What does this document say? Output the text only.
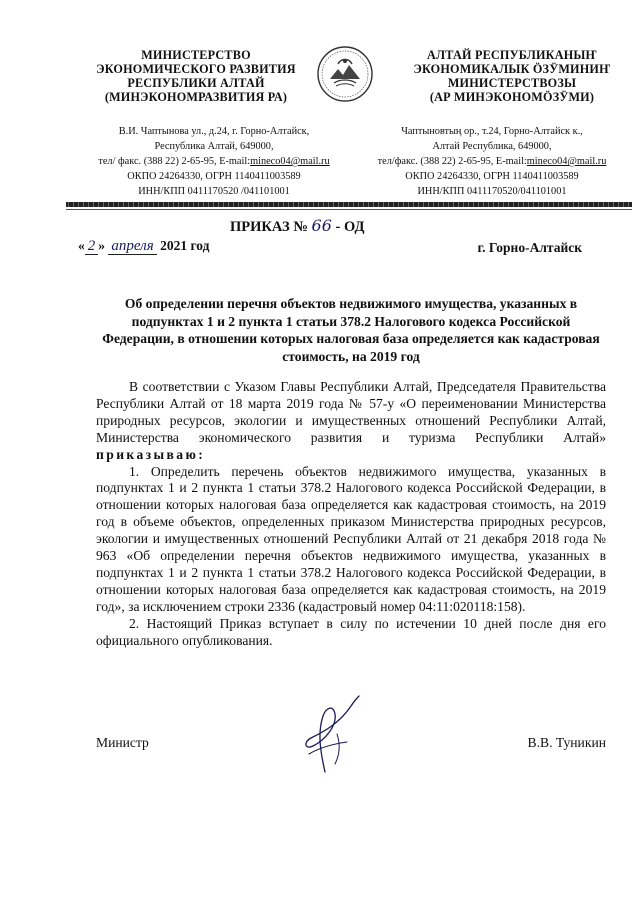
МИНИСТЕРСТВО
ЭКОНОМИЧЕСКОГО РАЗВИТИЯ
РЕСПУБЛИКИ АЛТАЙ
(МИНЭКОНОМРАЗВИТИЯ РА)
АЛТАЙ РЕСПУБЛИКАНЫҤ
ЭКОНОМИКАЛЫК ÖЗӰМИНИҤ
МИНИСТЕРСТВОЗЫ
(АР МИНЭКОНОМÖЗӰМИ)
В.И. Чаптынова ул., д.24, г. Горно-Алтайск,
Республика Алтай, 649000,
тел/ факс. (388 22) 2-65-95, E-mail:mineco04@mail.ru
ОКПО 24264330, ОГРН 1140411003589
ИНН/КПП 0411170520 /041101001
Чаптыновтың ор., т.24, Горно-Алтайск к.,
Алтай Республика, 649000,
тел/факс. (388 22) 2-65-95, E-mail:mineco04@mail.ru
ОКПО 24264330, ОГРН 1140411003589
ИНН/КПП 0411170520/041101001
ПРИКАЗ № 66 - ОД
« 2 » апреля 2021 год	г. Горно-Алтайск
Об определении перечня объектов недвижимого имущества, указанных в подпунктах 1 и 2 пункта 1 статьи 378.2 Налогового кодекса Российской Федерации, в отношении которых налоговая база определяется как кадастровая стоимость, на 2019 год

В соответствии с Указом Главы Республики Алтай, Председателя Правительства Республики Алтай от 18 марта 2019 года № 57-у «О переименовании Министерства природных ресурсов, экологии и имущественных отношений Республики Алтай, Министерства экономического развития и туризма Республики Алтай» приказываю:

1. Определить перечень объектов недвижимого имущества, указанных в подпунктах 1 и 2 пункта 1 статьи 378.2 Налогового кодекса Российской Федерации, в отношении которых налоговая база определяется как кадастровая стоимость, на 2019 год в объеме объектов, определенных приказом Министерства природных ресурсов, экологии и имущественных отношений Республики Алтай от 21 декабря 2018 года № 963 «Об определении перечня объектов недвижимого имущества, указанных в подпунктах 1 и 2 пункта 1 статьи 378.2 Налогового кодекса Российской Федерации, в отношении которых налоговая база определяется как кадастровая стоимость, на 2019 год», за исключением строки 2336 (кадастровый номер 04:11:020118:158).

2. Настоящий Приказ вступает в силу по истечении 10 дней после дня его официального опубликования.

Министр	В.В. Туникин
